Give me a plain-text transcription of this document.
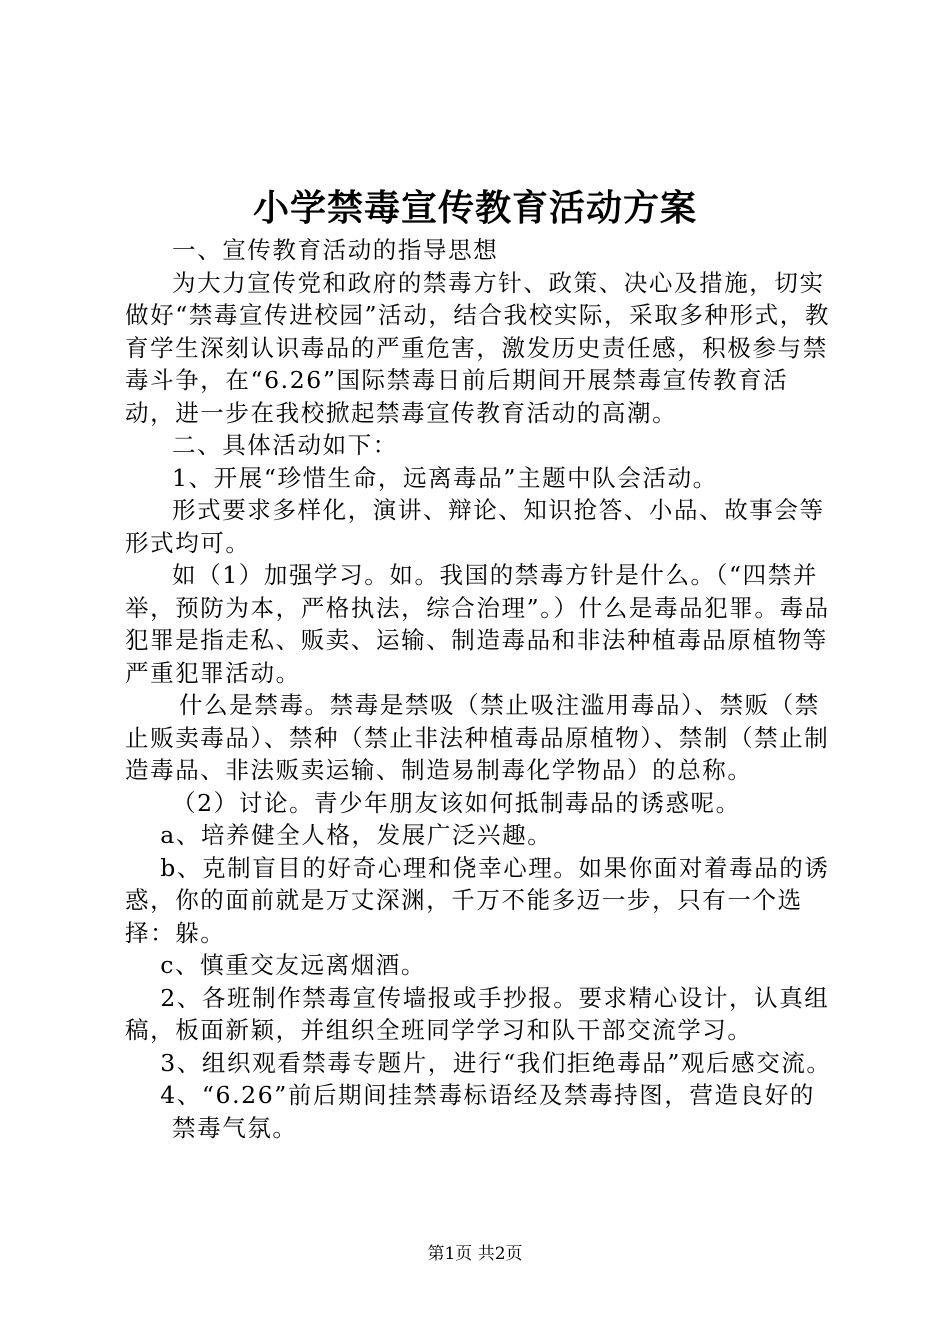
小学禁毒宣传教育活动方案

一、宣传教育活动的指导思想

为大力宣传党和政府的禁毒方针、政策、决心及措施，切实做好“禁毒宣传进校园”活动，结合我校实际，采取多种形式，教育学生深刻认识毒品的严重危害，激发历史责任感，积极参与禁毒斗争，在“6.26”国际禁毒日前后期间开展禁毒宣传教育活动，进一步在我校掀起禁毒宣传教育活动的高潮。

二、具体活动如下：

1、开展“珍惜生命，远离毒品”主题中队会活动。

形式要求多样化，演讲、辩论、知识抢答、小品、故事会等形式均可。

如（1）加强学习。如。我国的禁毒方针是什么。（“四禁并举，预防为本，严格执法，综合治理”。）什么是毒品犯罪。毒品犯罪是指走私、贩卖、运输、制造毒品和非法种植毒品原植物等严重犯罪活动。

什么是禁毒。禁毒是禁吸（禁止吸注滥用毒品）、禁贩（禁止贩卖毒品）、禁种（禁止非法种植毒品原植物）、禁制（禁止制造毒品、非法贩卖运输、制造易制毒化学物品）的总称。

（2）讨论。青少年朋友该如何抵制毒品的诱惑呢。

a、培养健全人格，发展广泛兴趣。

b、克制盲目的好奇心理和侥幸心理。如果你面对着毒品的诱惑，你的面前就是万丈深渊，千万不能多迈一步，只有一个选择：躲。

c、慎重交友远离烟酒。

2、各班制作禁毒宣传墙报或手抄报。要求精心设计，认真组稿，板面新颖，并组织全班同学学习和队干部交流学习。

3、组织观看禁毒专题片，进行“我们拒绝毒品”观后感交流。

4、“6.26”前后期间挂禁毒标语经及禁毒持图，营造良好的

禁毒气氛。

第1页 共2页
